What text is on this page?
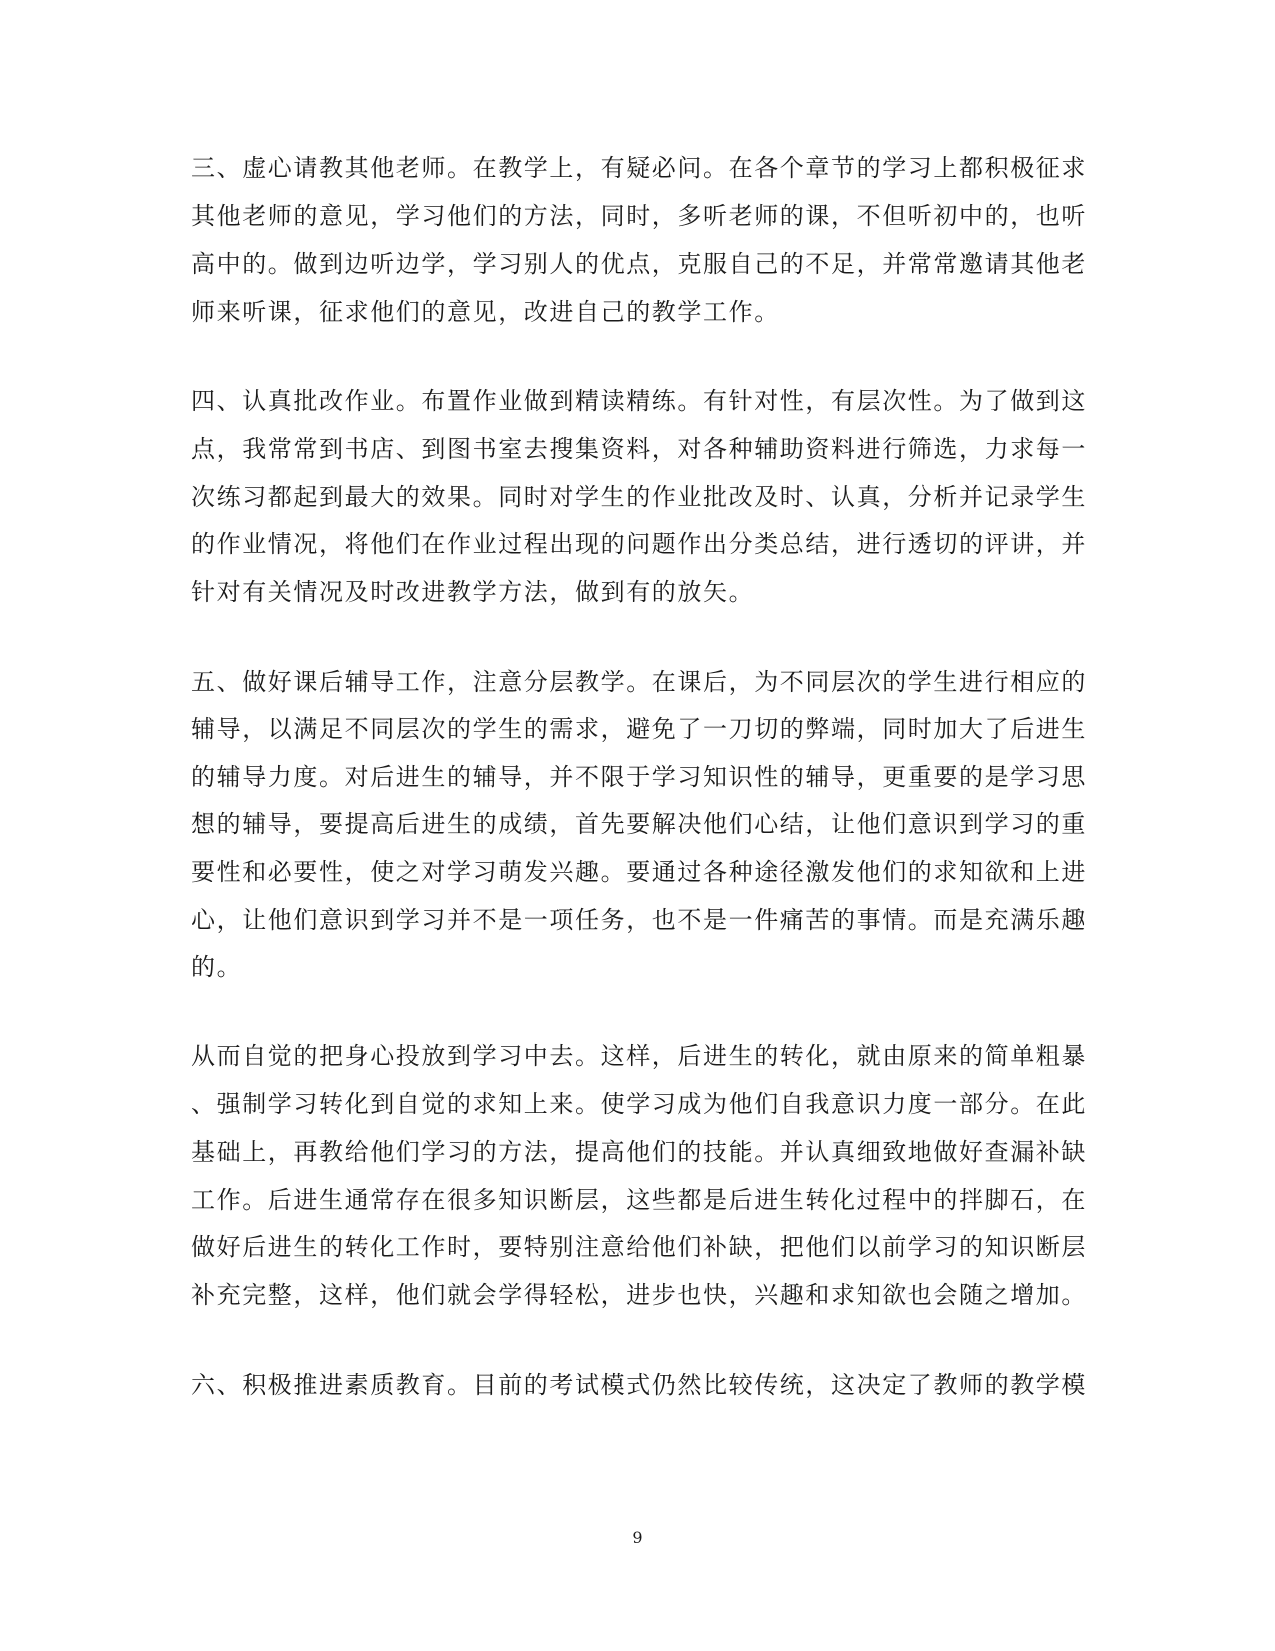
三、虚心请教其他老师。在教学上，有疑必问。在各个章节的学习上都积极征求
其他老师的意见，学习他们的方法，同时，多听老师的课，不但听初中的，也听
高中的。做到边听边学，学习别人的优点，克服自己的不足，并常常邀请其他老
师来听课，征求他们的意见，改进自己的教学工作。
四、认真批改作业。布置作业做到精读精练。有针对性，有层次性。为了做到这
点，我常常到书店、到图书室去搜集资料，对各种辅助资料进行筛选，力求每一
次练习都起到最大的效果。同时对学生的作业批改及时、认真，分析并记录学生
的作业情况，将他们在作业过程出现的问题作出分类总结，进行透切的评讲，并
针对有关情况及时改进教学方法，做到有的放矢。
五、做好课后辅导工作，注意分层教学。在课后，为不同层次的学生进行相应的
辅导，以满足不同层次的学生的需求，避免了一刀切的弊端，同时加大了后进生
的辅导力度。对后进生的辅导，并不限于学习知识性的辅导，更重要的是学习思
想的辅导，要提高后进生的成绩，首先要解决他们心结，让他们意识到学习的重
要性和必要性，使之对学习萌发兴趣。要通过各种途径激发他们的求知欲和上进
心，让他们意识到学习并不是一项任务，也不是一件痛苦的事情。而是充满乐趣
的。
从而自觉的把身心投放到学习中去。这样，后进生的转化，就由原来的简单粗暴
、强制学习转化到自觉的求知上来。使学习成为他们自我意识力度一部分。在此
基础上，再教给他们学习的方法，提高他们的技能。并认真细致地做好查漏补缺
工作。后进生通常存在很多知识断层，这些都是后进生转化过程中的拌脚石，在
做好后进生的转化工作时，要特别注意给他们补缺，把他们以前学习的知识断层
补充完整，这样，他们就会学得轻松，进步也快，兴趣和求知欲也会随之增加。
六、积极推进素质教育。目前的考试模式仍然比较传统，这决定了教师的教学模
9
